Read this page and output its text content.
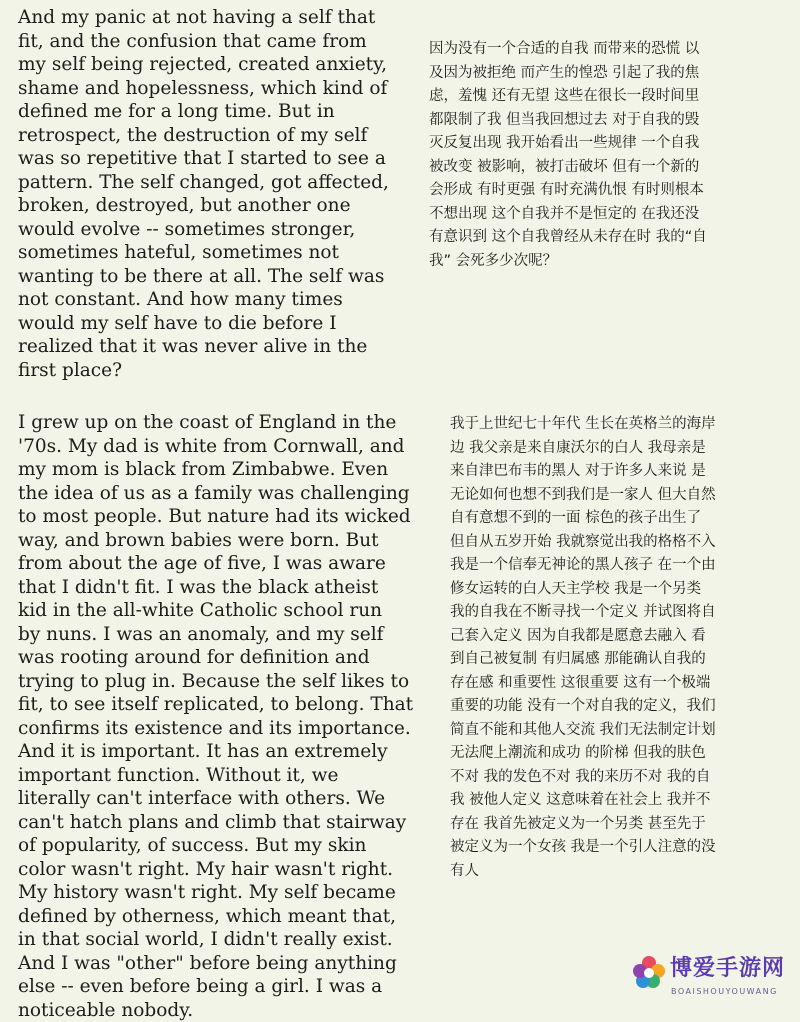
And my panic at not having a self that
fit, and the confusion that came from
my self being rejected, created anxiety,
shame and hopelessness, which kind of
defined me for a long time. But in
retrospect, the destruction of my self
was so repetitive that I started to see a
pattern. The self changed, got affected,
broken, destroyed, but another one
would evolve -- sometimes stronger,
sometimes hateful, sometimes not
wanting to be there at all. The self was
not constant. And how many times
would my self have to die before I
realized that it was never alive in the
first place?

因为没有一个合适的自我 而带来的恐慌 以
及因为被拒绝 而产生的惶恐 引起了我的焦
虑，羞愧 还有无望 这些在很长一段时间里
都限制了我 但当我回想过去 对于自我的毁
灭反复出现 我开始看出一些规律 一个自我
被改变 被影响，被打击破坏 但有一个新的
会形成 有时更强 有时充满仇恨 有时则根本
不想出现 这个自我并不是恒定的 在我还没
有意识到 这个自我曾经从未存在时 我的“自
我” 会死多少次呢？

I grew up on the coast of England in the
'70s. My dad is white from Cornwall, and
my mom is black from Zimbabwe. Even
the idea of us as a family was challenging
to most people. But nature had its wicked
way, and brown babies were born. But
from about the age of five, I was aware
that I didn't fit. I was the black atheist
kid in the all-white Catholic school run
by nuns. I was an anomaly, and my self
was rooting around for definition and
trying to plug in. Because the self likes to
fit, to see itself replicated, to belong. That
confirms its existence and its importance.
And it is important. It has an extremely
important function. Without it, we
literally can't interface with others. We
can't hatch plans and climb that stairway
of popularity, of success. But my skin
color wasn't right. My hair wasn't right.
My history wasn't right. My self became
defined by otherness, which meant that,
in that social world, I didn't really exist.
And I was "other" before being anything
else -- even before being a girl. I was a
noticeable nobody.

我于上世纪七十年代 生长在英格兰的海岸
边 我父亲是来自康沃尔的白人 我母亲是
来自津巴布韦的黑人 对于许多人来说 是
无论如何也想不到我们是一家人 但大自然
自有意想不到的一面 棕色的孩子出生了
但自从五岁开始 我就察觉出我的格格不入
我是一个信奉无神论的黑人孩子 在一个由
修女运转的白人天主学校 我是一个另类
我的自我在不断寻找一个定义 并试图将自
己套入定义 因为自我都是愿意去融入 看
到自己被复制 有归属感 那能确认自我的
存在感 和重要性 这很重要 这有一个极端
重要的功能 没有一个对自我的定义，我们
简直不能和其他人交流 我们无法制定计划
无法爬上潮流和成功 的阶梯 但我的肤色
不对 我的发色不对 我的来历不对 我的自
我 被他人定义 这意味着在社会上 我并不
存在 我首先被定义为一个另类 甚至先于
被定义为一个女孩 我是一个引人注意的没
有人

博爱手游网
BOAISHOUYOUWANG
